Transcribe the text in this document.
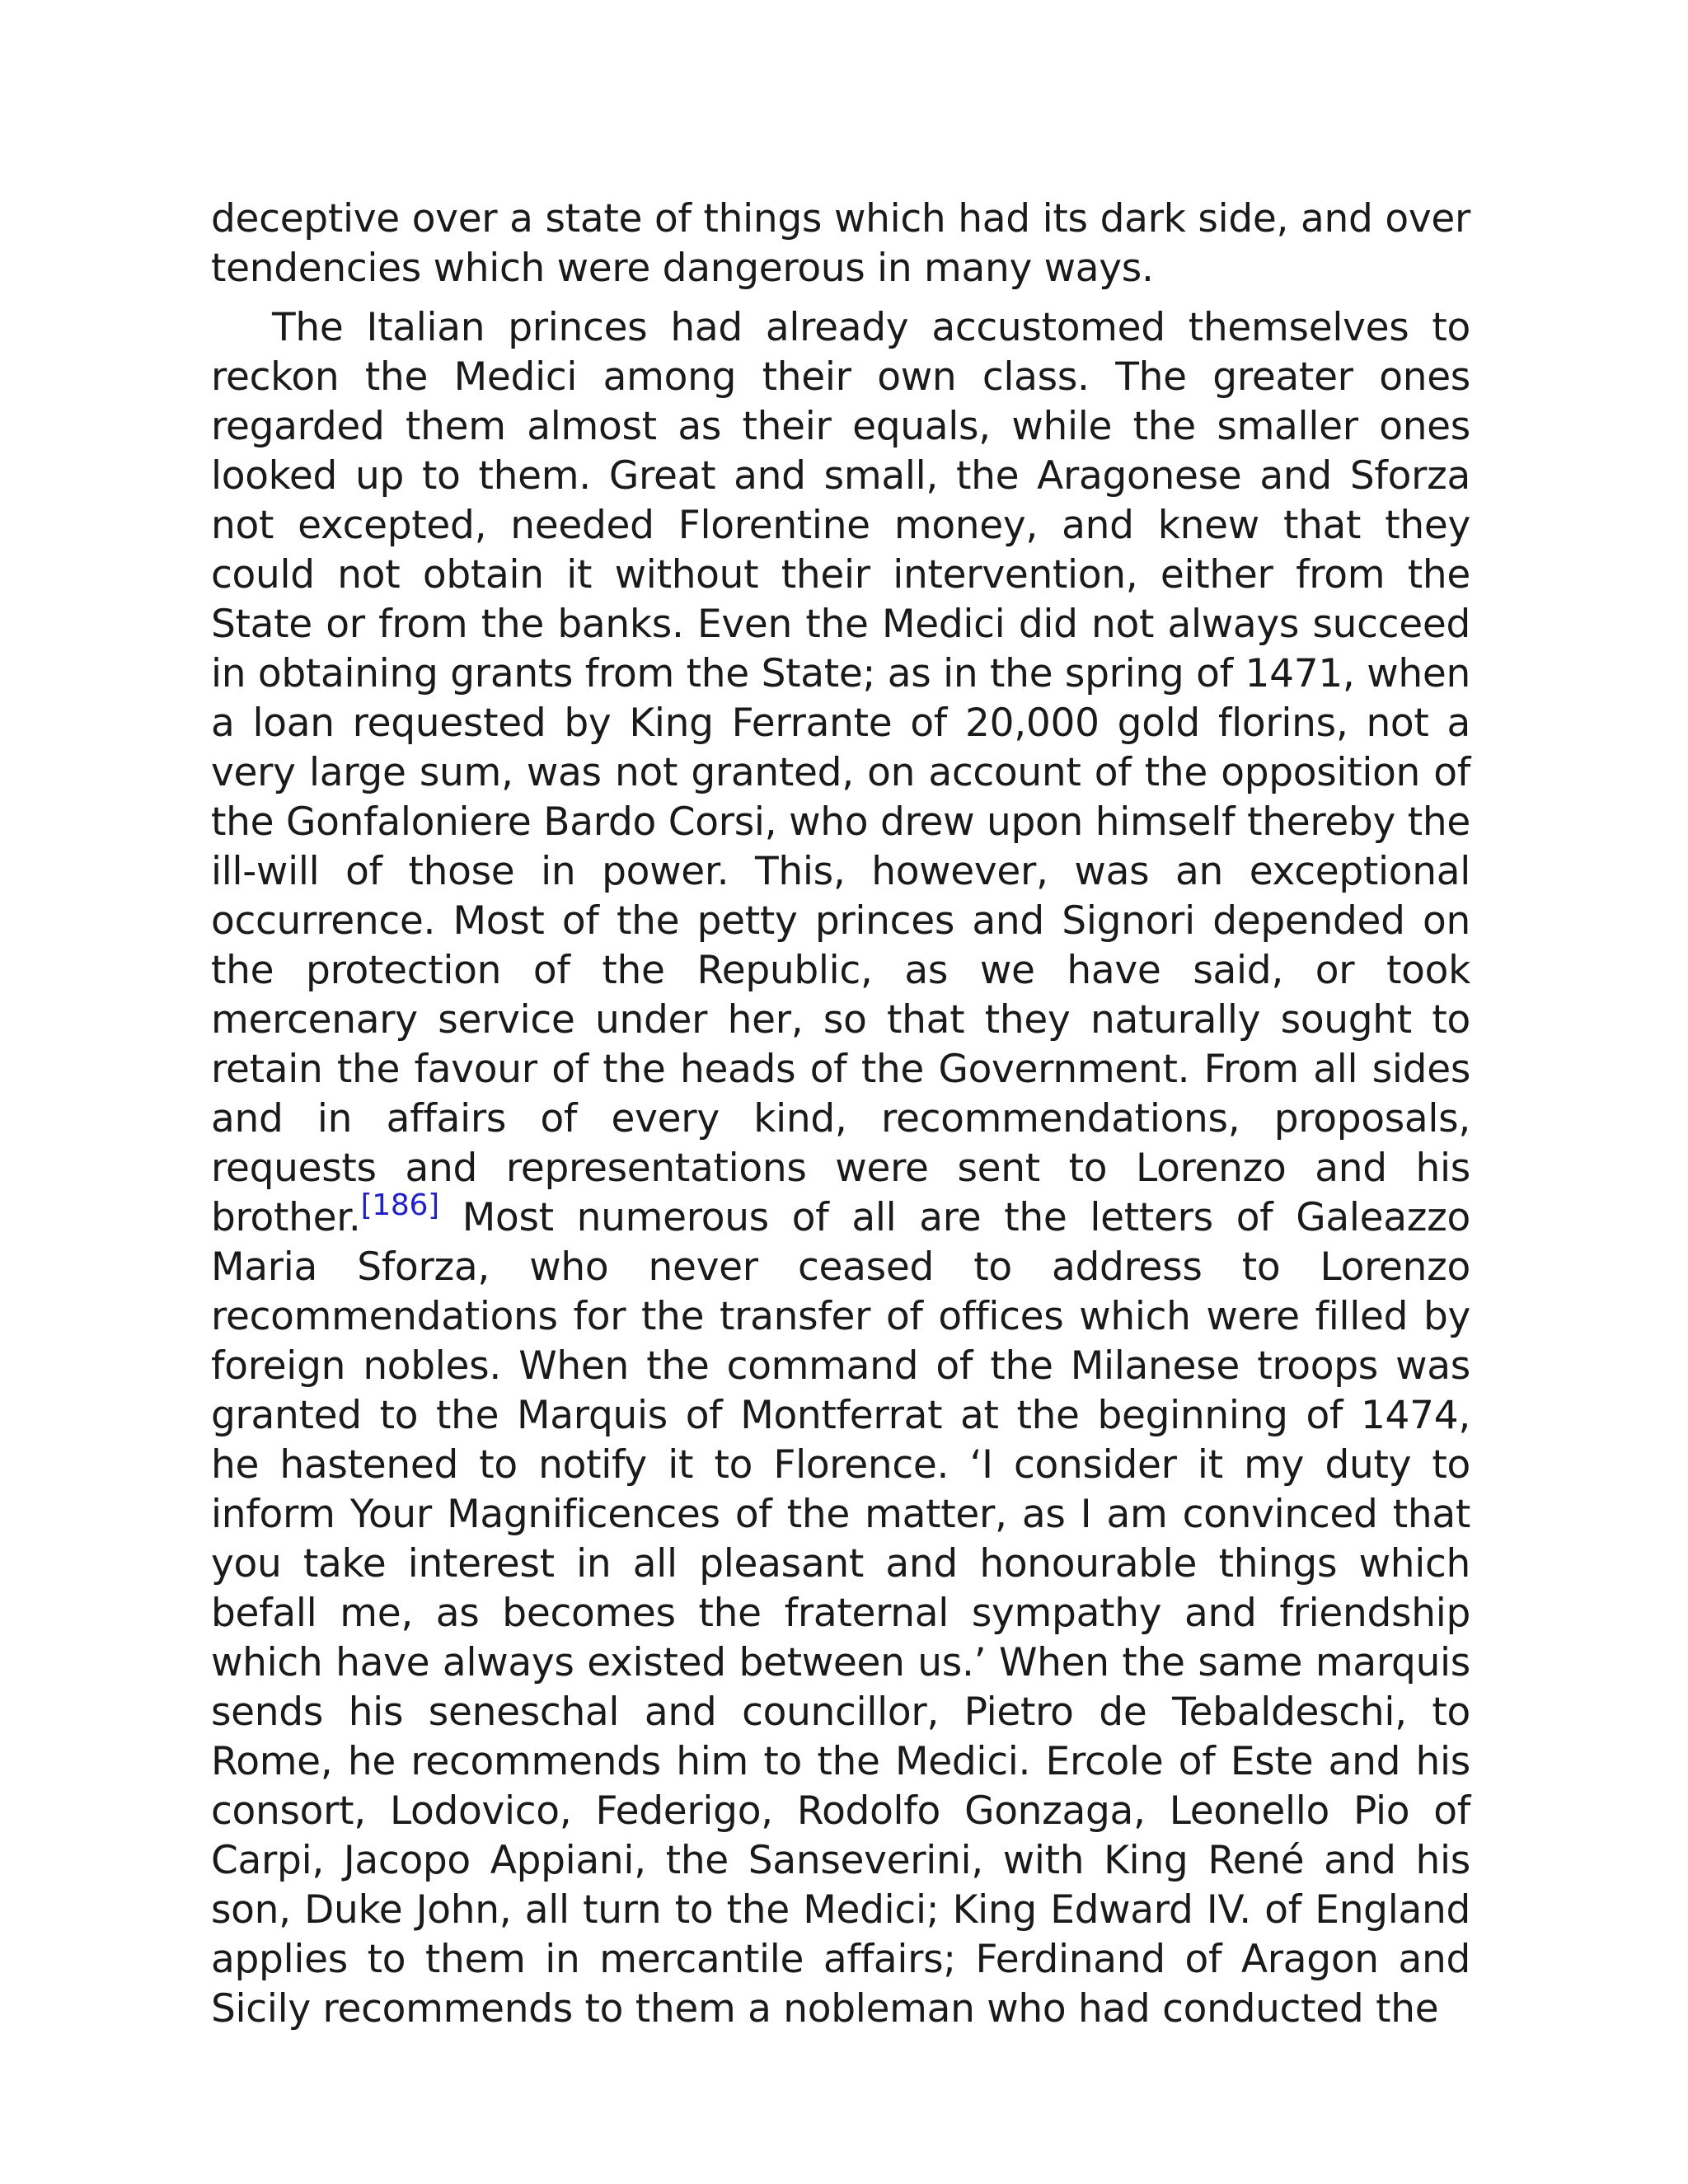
deceptive over a state of things which had its dark side, and over tendencies which were dangerous in many ways.

The Italian princes had already accustomed themselves to reckon the Medici among their own class. The greater ones regarded them almost as their equals, while the smaller ones looked up to them. Great and small, the Aragonese and Sforza not excepted, needed Florentine money, and knew that they could not obtain it without their intervention, either from the State or from the banks. Even the Medici did not always succeed in obtaining grants from the State; as in the spring of 1471, when a loan requested by King Ferrante of 20,000 gold florins, not a very large sum, was not granted, on account of the opposition of the Gonfaloniere Bardo Corsi, who drew upon himself thereby the ill-will of those in power. This, however, was an exceptional occurrence. Most of the petty princes and Signori depended on the protection of the Republic, as we have said, or took mercenary service under her, so that they naturally sought to retain the favour of the heads of the Government. From all sides and in affairs of every kind, recommendations, proposals, requests and representations were sent to Lorenzo and his brother.[186] Most numerous of all are the letters of Galeazzo Maria Sforza, who never ceased to address to Lorenzo recommendations for the transfer of offices which were filled by foreign nobles. When the command of the Milanese troops was granted to the Marquis of Montferrat at the beginning of 1474, he hastened to notify it to Florence. ‘I consider it my duty to inform Your Magnificences of the matter, as I am convinced that you take interest in all pleasant and honourable things which befall me, as becomes the fraternal sympathy and friendship which have always existed between us.’ When the same marquis sends his seneschal and councillor, Pietro de Tebaldeschi, to Rome, he recommends him to the Medici. Ercole of Este and his consort, Lodovico, Federigo, Rodolfo Gonzaga, Leonello Pio of Carpi, Jacopo Appiani, the Sanseverini, with King René and his son, Duke John, all turn to the Medici; King Edward IV. of England applies to them in mercantile affairs; Ferdinand of Aragon and Sicily recommends to them a nobleman who had conducted the
